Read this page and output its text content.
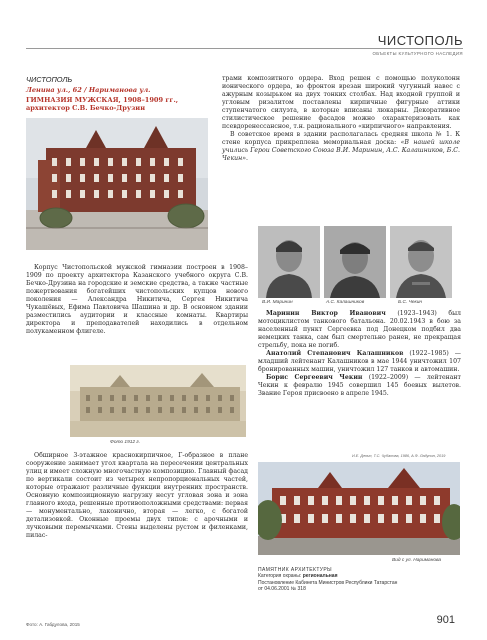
ЧИСТОПОЛЬ
ОБЪЕКТЫ КУЛЬТУРНОГО НАСЛЕДИЯ
ЧИСТОПОЛЬ
Ленина ул., 62 / Нариманова ул.
ГИМНАЗИЯ МУЖСКАЯ, 1908–1909 гг.,
архитектор С.В. Бечко-Друзин

трами композитного ордера. Вход решен с помощью полуколонн ионического ордера, во фронтон врезан широкий чугунный навес с ажурным козырьком на двух тонких столбах. Над входной группой и угловым ризалитом поставлены кирпичные фигурные аттики ступенчатого силуэта, в которые вписаны люкарны. Декоративное стилистическое решение фасадов можно охарактеризовать как псевдоренессансное, т.н. рационального «кирпичного» направления.

В советское время в здании располагалась средняя школа № 1. К стене корпуса прикреплена мемориальная доска: «В нашей школе учились Герои Советского Союза В.И. Маринин, А.С. Калашников, Б.С. Чекин».

В.И. Маринин	А.С. Калашников	Б.С. Чекин

Корпус Чистопольской мужской гимназии построен в 1908–1909 по проекту архитектора Казанского учебного округа С.В. Бечко-Друзина на городские и земские средства, а также частные пожертвования богатейших чистопольских купцов нового поколения — Александра Никитича, Сергея Никитича Чукашёвых, Ефима Павловича Шашина и др. В основном здании разместились аудитории и классные комнаты. Квартиры директора и преподавателей находились в отдельном полукаменном флигеле.

Маринин Виктор Иванович (1923–1943) был мотоциклистом танкового батальона. 20.02.1943 в бою за населенный пункт Сергеевка под Донецком подбил два немецких танка, сам был смертельно ранен, не прекращая стрельбу, пока не погиб.

Анатолий Степанович Калашников (1922–1985) — младший лейтенант Калашников в мае 1944 уничтожил 107 бронированных машин, уничтожил 127 танков и автомашин.

Борис Сергеевич Чекин (1922–2009) — лейтенант Чекин к февралю 1945 совершил 145 боевых вылетов. Звание Героя присвоено в апреле 1945.

И.Е. Денин, Т.С. Чубанова, 1986, А.Ф. Ладунин, 2019
Фото 1912 г.
Вид с ул. Нариманова

Обширное 3-этажное краснокирпичное, Г-образное в плане сооружение занимает угол квартала на пересечении центральных улиц и имеет сложную многочастную композицию. Главный фасад по вертикали состоит из четырех непропорциональных частей, которые отражают различные функции внутренних пространств. Основную композиционную нагрузку несут угловая зона и зона главного входа, решенные противоположными средствами: первая — монументально, лаконично, вторая — легко, с богатой детализовкой. Оконные проемы двух типов: с арочными и лучковыми перемычками. Стены выделены рустом и филенками, пилас-

ПАМЯТНИК АРХИТЕКТУРЫ
Категория охраны: региональная
Постановление Кабинета Министров Республики Татарстан
от 04.06.2001 № 318
Фото: А. Габдулова, 2015	901
